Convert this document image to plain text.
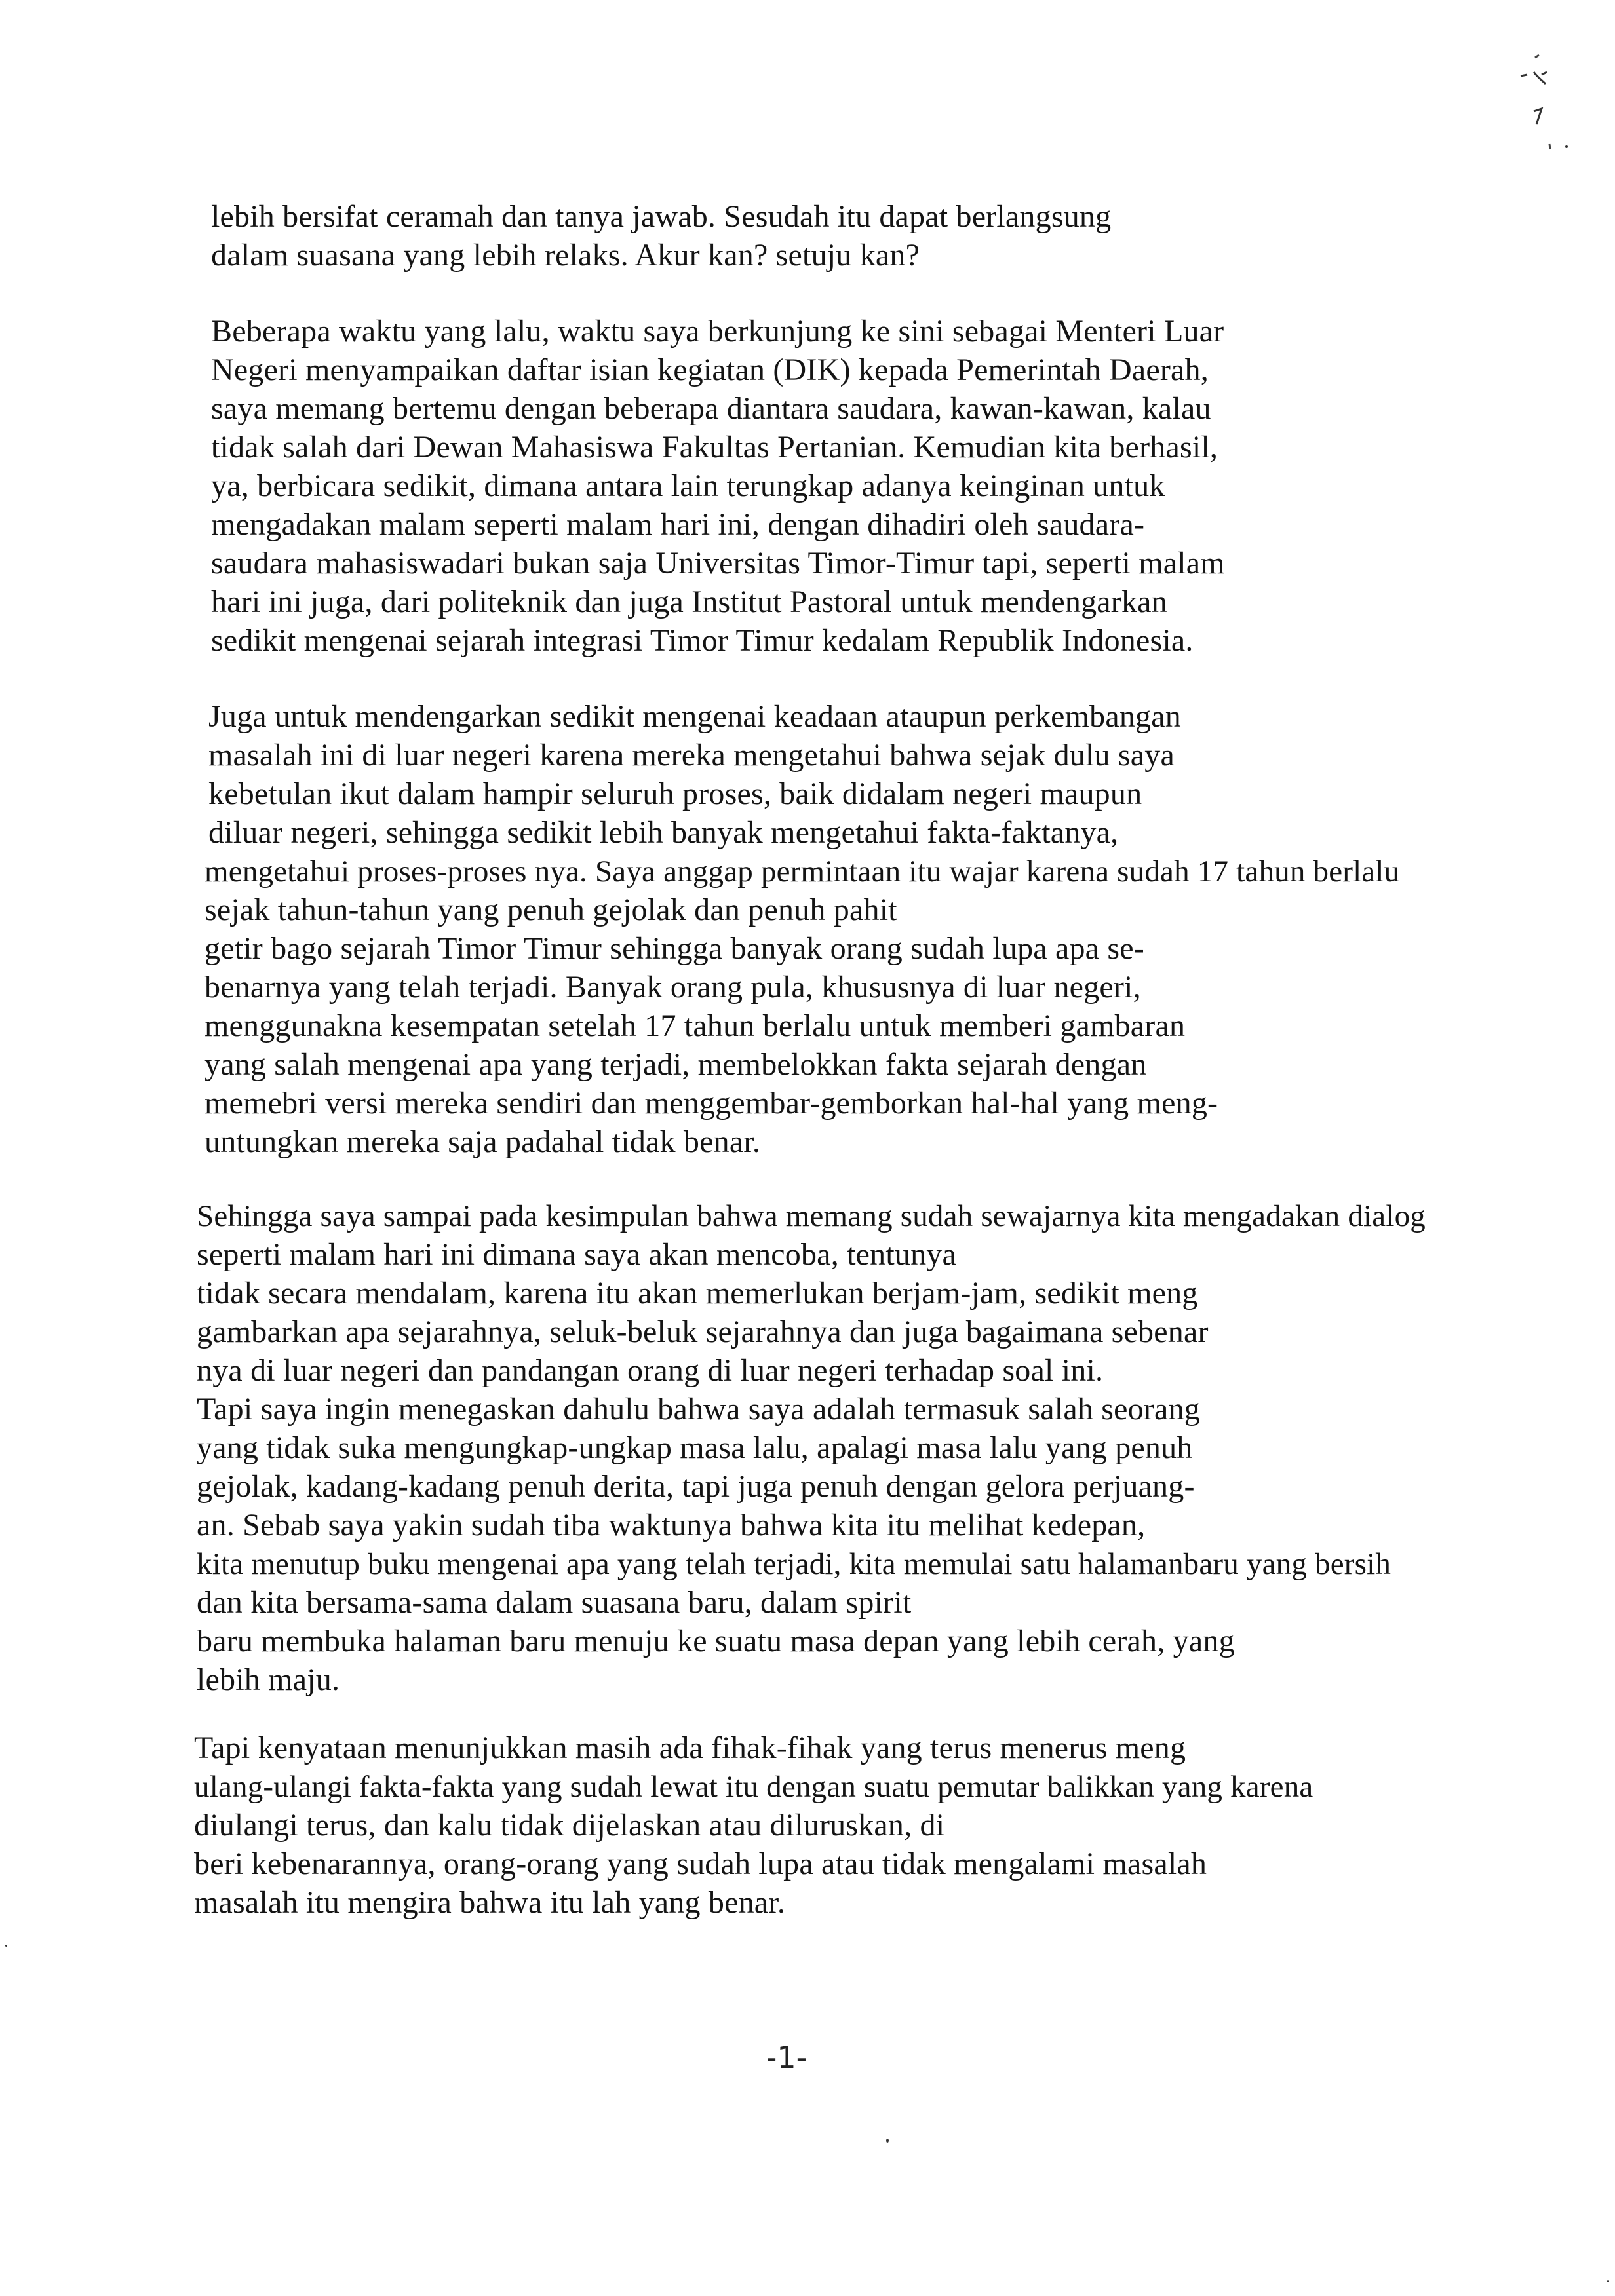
lebih bersifat ceramah dan tanya jawab. Sesudah itu dapat berlangsung
dalam suasana yang lebih relaks. Akur kan? setuju kan?
Beberapa waktu yang lalu, waktu saya berkunjung ke sini sebagai Menteri Luar
Negeri menyampaikan daftar isian kegiatan (DIK) kepada Pemerintah Daerah,
saya memang bertemu dengan beberapa diantara saudara, kawan-kawan, kalau
tidak salah dari Dewan Mahasiswa Fakultas Pertanian. Kemudian kita berhasil,
ya, berbicara sedikit, dimana antara lain terungkap adanya keinginan untuk
mengadakan malam seperti malam hari ini, dengan dihadiri oleh saudara-
saudara mahasiswadari bukan saja Universitas Timor-Timur tapi, seperti malam
hari ini juga, dari politeknik dan juga Institut Pastoral untuk mendengarkan
sedikit mengenai sejarah integrasi Timor Timur kedalam Republik Indonesia.
Juga untuk mendengarkan sedikit mengenai keadaan ataupun perkembangan
masalah ini di luar negeri karena mereka mengetahui bahwa sejak dulu saya
kebetulan ikut dalam hampir seluruh proses, baik didalam negeri maupun
diluar negeri, sehingga sedikit lebih banyak mengetahui fakta-faktanya,
mengetahui proses-proses nya. Saya anggap permintaan itu wajar karena sudah 17 tahun berlalu
sejak tahun-tahun yang penuh gejolak dan penuh pahit
getir bago sejarah Timor Timur sehingga banyak orang sudah lupa apa se-
benarnya yang telah terjadi. Banyak orang pula, khususnya di luar negeri,
menggunakna kesempatan setelah 17 tahun berlalu untuk memberi gambaran
yang salah mengenai apa yang terjadi, membelokkan fakta sejarah dengan
memebri versi mereka sendiri dan menggembar-gemborkan hal-hal yang meng-
untungkan mereka saja padahal tidak benar.
Sehingga saya sampai pada kesimpulan bahwa memang sudah sewajarnya kita mengadakan dialog
seperti malam hari ini dimana saya akan mencoba, tentunya
tidak secara mendalam, karena itu akan memerlukan berjam-jam, sedikit meng
gambarkan apa sejarahnya, seluk-beluk sejarahnya dan juga bagaimana sebenar
nya di luar negeri dan pandangan orang di luar negeri terhadap soal ini.
Tapi saya ingin menegaskan dahulu bahwa saya adalah termasuk salah seorang
yang tidak suka mengungkap-ungkap masa lalu, apalagi masa lalu yang penuh
gejolak, kadang-kadang penuh derita, tapi juga penuh dengan gelora perjuang-
an. Sebab saya yakin sudah tiba waktunya bahwa kita itu melihat kedepan,
kita menutup buku mengenai apa yang telah terjadi, kita memulai satu halamanbaru yang bersih
dan kita bersama-sama dalam suasana baru, dalam spirit
baru membuka halaman baru menuju ke suatu masa depan yang lebih cerah, yang
lebih maju.
Tapi kenyataan menunjukkan masih ada fihak-fihak yang terus menerus meng
ulang-ulangi fakta-fakta yang sudah lewat itu dengan suatu pemutar balikkan yang karena
diulangi terus, dan kalu tidak dijelaskan atau diluruskan, di
beri kebenarannya, orang-orang yang sudah lupa atau tidak mengalami masalah
masalah itu mengira bahwa itu lah yang benar.
-1-
